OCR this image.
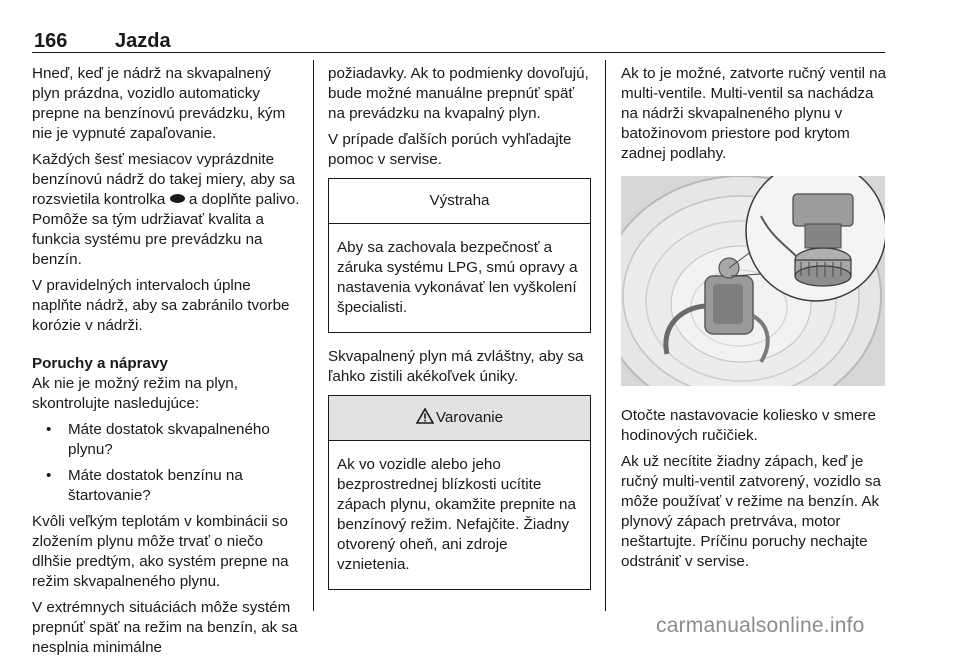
166 Jazda

Hneď, keď je nádrž na skvapalnený plyn prázdna, vozidlo automaticky prepne na benzínovú prevádzku, kým nie je vypnuté zapaľovanie.

Každých šesť mesiacov vyprázdnite benzínovú nádrž do takej miery, aby sa rozsvietila kontrolka a doplňte palivo. Pomôže sa tým udržiavať kvalita a funkcia systému pre prevádzku na benzín.

V pravidelných intervaloch úplne naplňte nádrž, aby sa zabránilo tvorbe korózie v nádrži.

Poruchy a nápravy

Ak nie je možný režim na plyn, skontrolujte nasledujúce:

• Máte dostatok skvapalneného plynu?
• Máte dostatok benzínu na štartovanie?

Kvôli veľkým teplotám v kombinácii so zložením plynu môže trvať o niečo dlhšie predtým, ako systém prepne na režim skvapalneného plynu.

V extrémnych situáciách môže systém prepnúť späť na režim na benzín, ak sa nesplnia minimálne

požiadavky. Ak to podmienky dovoľujú, bude možné manuálne prepnúť späť na prevádzku na kvapalný plyn.

V prípade ďalších porúch vyhľadajte pomoc v servise.

Výstraha
Aby sa zachovala bezpečnosť a záruka systému LPG, smú opravy a nastavenia vykonávať len vyškolení špecialisti.

Skvapalnený plyn má zvláštny, aby sa ľahko zistili akékoľvek úniky.

Varovanie
Ak vo vozidle alebo jeho bezprostrednej blízkosti ucítite zápach plynu, okamžite prepnite na benzínový režim. Nefajčite. Žiadny otvorený oheň, ani zdroje vznietenia.

Ak to je možné, zatvorte ručný ventil na multi-ventile. Multi-ventil sa nachádza na nádrži skvapalneného plynu v batožinovom priestore pod krytom zadnej podlahy.

Otočte nastavovacie koliesko v smere hodinových ručičiek.

Ak už necítite žiadny zápach, keď je ručný multi-ventil zatvorený, vozidlo sa môže používať v režime na benzín. Ak plynový zápach pretrváva, motor neštartujte. Príčinu poruchy nechajte odstrániť v servise.

carmanualsonline.info
